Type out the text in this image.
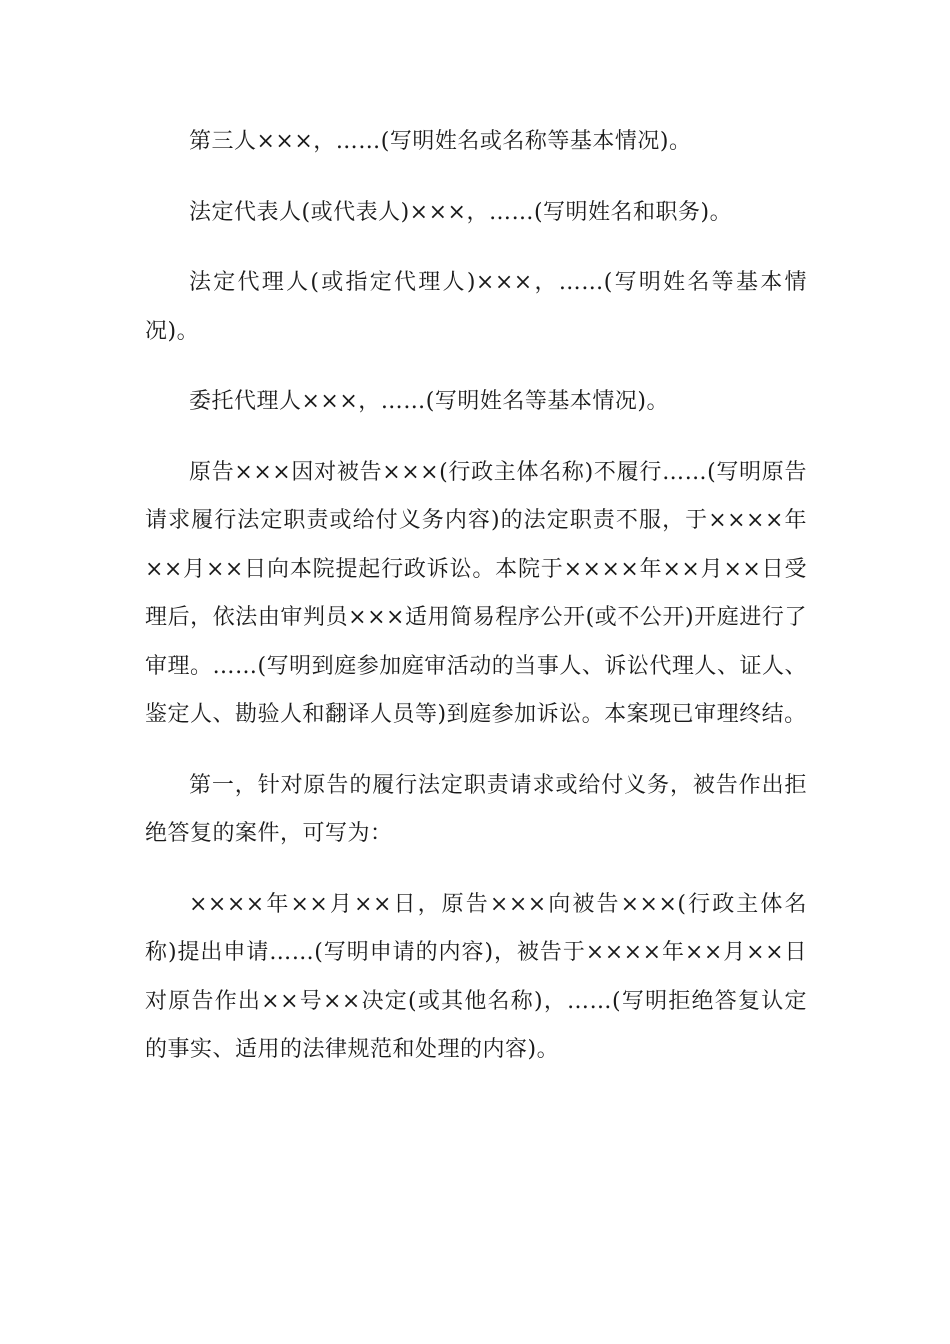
第三人×××，……(写明姓名或名称等基本情况)。

法定代表人(或代表人)×××，……(写明姓名和职务)。

法定代理人(或指定代理人)×××，……(写明姓名等基本情况)。

委托代理人×××，……(写明姓名等基本情况)。

原告×××因对被告×××(行政主体名称)不履行……(写明原告请求履行法定职责或给付义务内容)的法定职责不服，于××××年××月××日向本院提起行政诉讼。本院于××××年××月××日受理后，依法由审判员×××适用简易程序公开(或不公开)开庭进行了审理。……(写明到庭参加庭审活动的当事人、诉讼代理人、证人、鉴定人、勘验人和翻译人员等)到庭参加诉讼。本案现已审理终结。

第一，针对原告的履行法定职责请求或给付义务，被告作出拒绝答复的案件，可写为：

××××年××月××日，原告×××向被告×××(行政主体名称)提出申请……(写明申请的内容)，被告于××××年××月××日对原告作出××号××决定(或其他名称)，……(写明拒绝答复认定的事实、适用的法律规范和处理的内容)。
